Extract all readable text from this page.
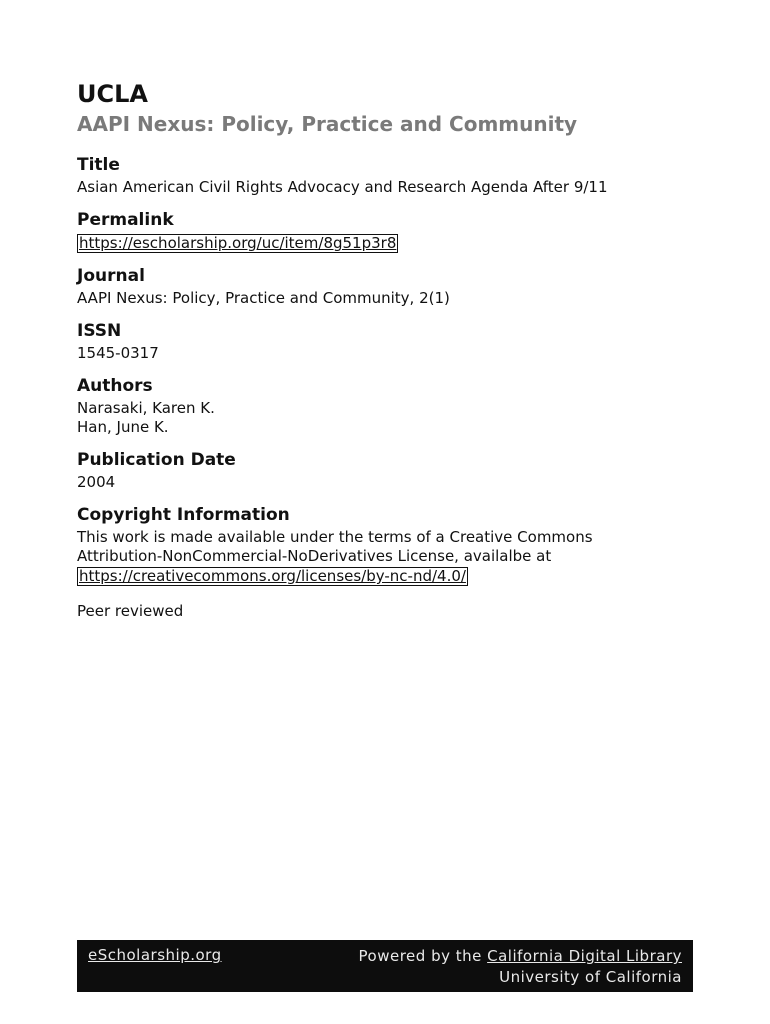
UCLA
AAPI Nexus: Policy, Practice and Community
Title
Asian American Civil Rights Advocacy and Research Agenda After 9/11
Permalink
https://escholarship.org/uc/item/8g51p3r8
Journal
AAPI Nexus: Policy, Practice and Community, 2(1)
ISSN
1545-0317
Authors
Narasaki, Karen K.
Han, June K.
Publication Date
2004
Copyright Information
This work is made available under the terms of a Creative Commons
Attribution-NonCommercial-NoDerivatives License, availalbe at
https://creativecommons.org/licenses/by-nc-nd/4.0/
Peer reviewed
eScholarship.org	Powered by the California Digital Library
University of California
